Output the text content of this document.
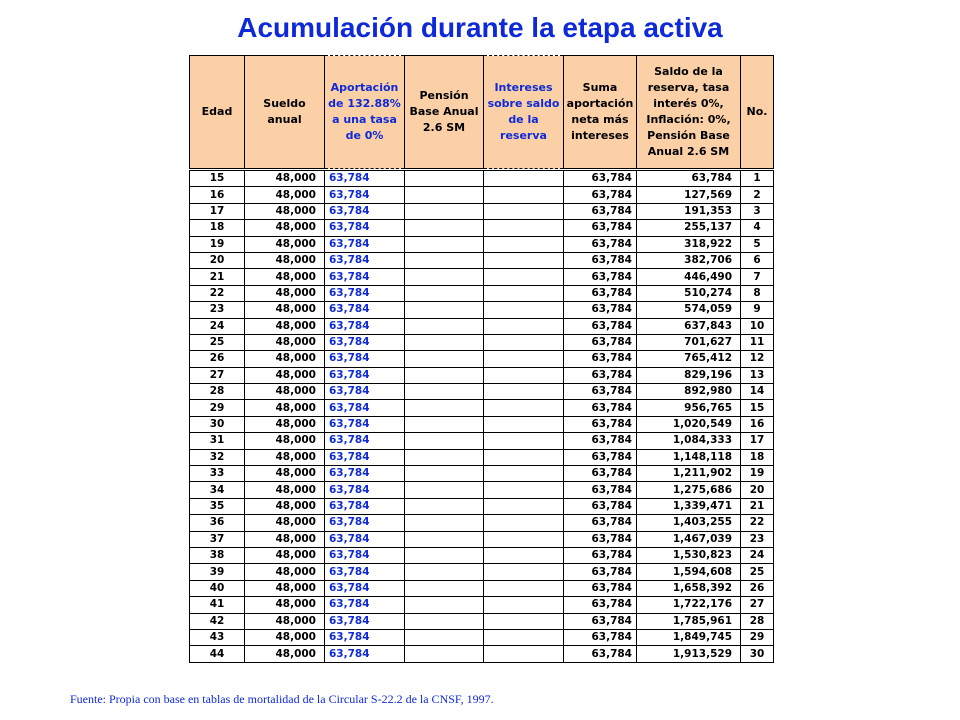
Acumulación durante la etapa activa
Edad	Sueldo anual	Aportación de 132.88% a una tasa de 0%	Pensión Base Anual 2.6 SM	Intereses sobre saldo de la reserva	Suma aportación neta más intereses	Saldo de la reserva, tasa interés 0%, Inflación: 0%, Pensión Base Anual 2.6 SM	No.
15	48,000	63,784			63,784	63,784	1
16	48,000	63,784			63,784	127,569	2
17	48,000	63,784			63,784	191,353	3
18	48,000	63,784			63,784	255,137	4
19	48,000	63,784			63,784	318,922	5
20	48,000	63,784			63,784	382,706	6
21	48,000	63,784			63,784	446,490	7
22	48,000	63,784			63,784	510,274	8
23	48,000	63,784			63,784	574,059	9
24	48,000	63,784			63,784	637,843	10
25	48,000	63,784			63,784	701,627	11
26	48,000	63,784			63,784	765,412	12
27	48,000	63,784			63,784	829,196	13
28	48,000	63,784			63,784	892,980	14
29	48,000	63,784			63,784	956,765	15
30	48,000	63,784			63,784	1,020,549	16
31	48,000	63,784			63,784	1,084,333	17
32	48,000	63,784			63,784	1,148,118	18
33	48,000	63,784			63,784	1,211,902	19
34	48,000	63,784			63,784	1,275,686	20
35	48,000	63,784			63,784	1,339,471	21
36	48,000	63,784			63,784	1,403,255	22
37	48,000	63,784			63,784	1,467,039	23
38	48,000	63,784			63,784	1,530,823	24
39	48,000	63,784			63,784	1,594,608	25
40	48,000	63,784			63,784	1,658,392	26
41	48,000	63,784			63,784	1,722,176	27
42	48,000	63,784			63,784	1,785,961	28
43	48,000	63,784			63,784	1,849,745	29
44	48,000	63,784			63,784	1,913,529	30
Fuente: Propia con base en tablas de mortalidad de la Circular S-22.2 de la CNSF, 1997.
